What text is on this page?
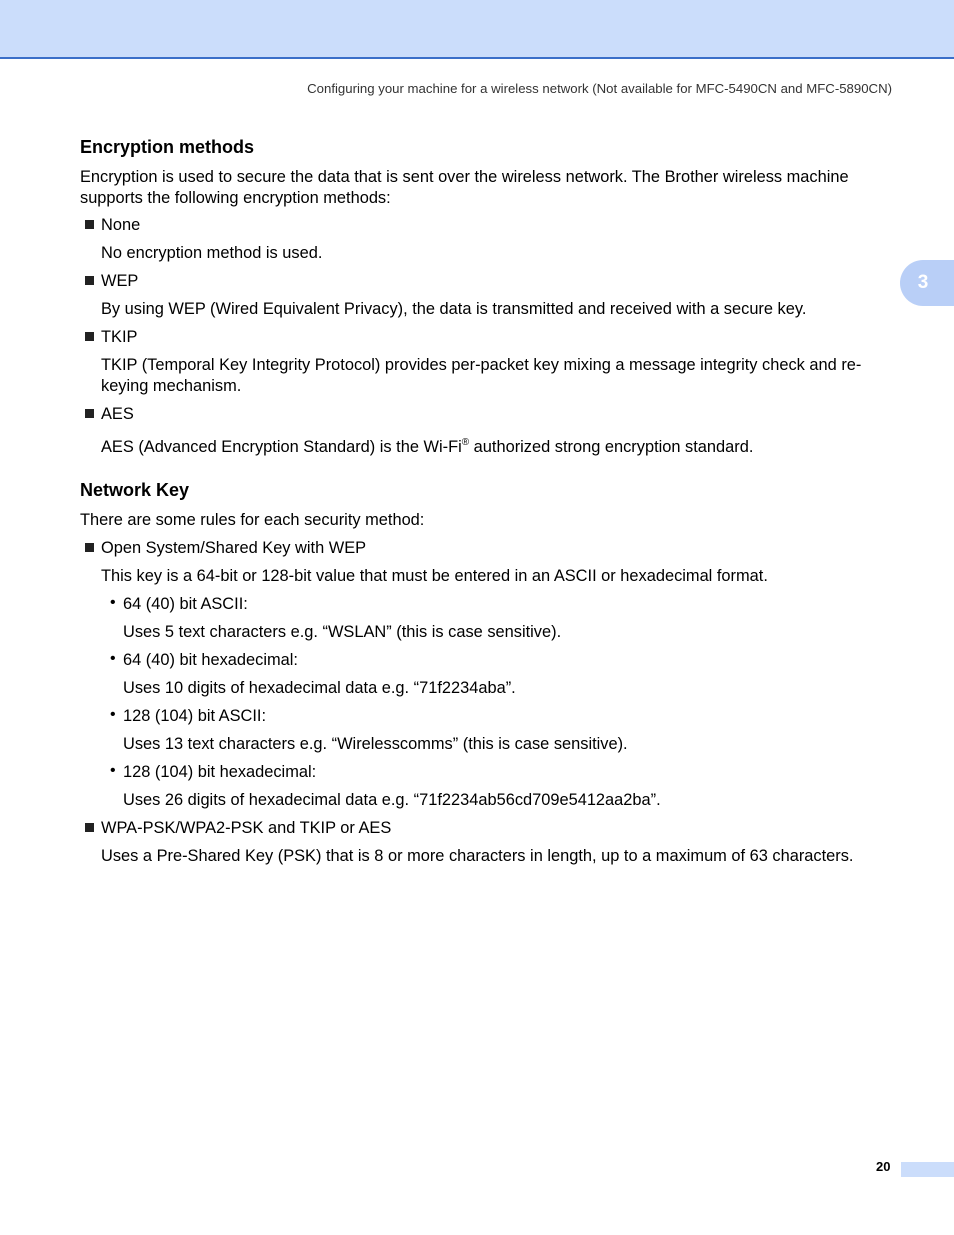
Configuring your machine for a wireless network (Not available for MFC-5490CN and MFC-5890CN)
3
Encryption methods
Encryption is used to secure the data that is sent over the wireless network. The Brother wireless machine supports the following encryption methods:
None
No encryption method is used.
WEP
By using WEP (Wired Equivalent Privacy), the data is transmitted and received with a secure key.
TKIP
TKIP (Temporal Key Integrity Protocol) provides per-packet key mixing a message integrity check and re-keying mechanism.
AES
AES (Advanced Encryption Standard) is the Wi-Fi® authorized strong encryption standard.
Network Key
There are some rules for each security method:
Open System/Shared Key with WEP
This key is a 64-bit or 128-bit value that must be entered in an ASCII or hexadecimal format.
• 64 (40) bit ASCII:
Uses 5 text characters e.g. “WSLAN” (this is case sensitive).
• 64 (40) bit hexadecimal:
Uses 10 digits of hexadecimal data e.g. “71f2234aba”.
• 128 (104) bit ASCII:
Uses 13 text characters e.g. “Wirelesscomms” (this is case sensitive).
• 128 (104) bit hexadecimal:
Uses 26 digits of hexadecimal data e.g. “71f2234ab56cd709e5412aa2ba”.
WPA-PSK/WPA2-PSK and TKIP or AES
Uses a Pre-Shared Key (PSK) that is 8 or more characters in length, up to a maximum of 63 characters.
20
